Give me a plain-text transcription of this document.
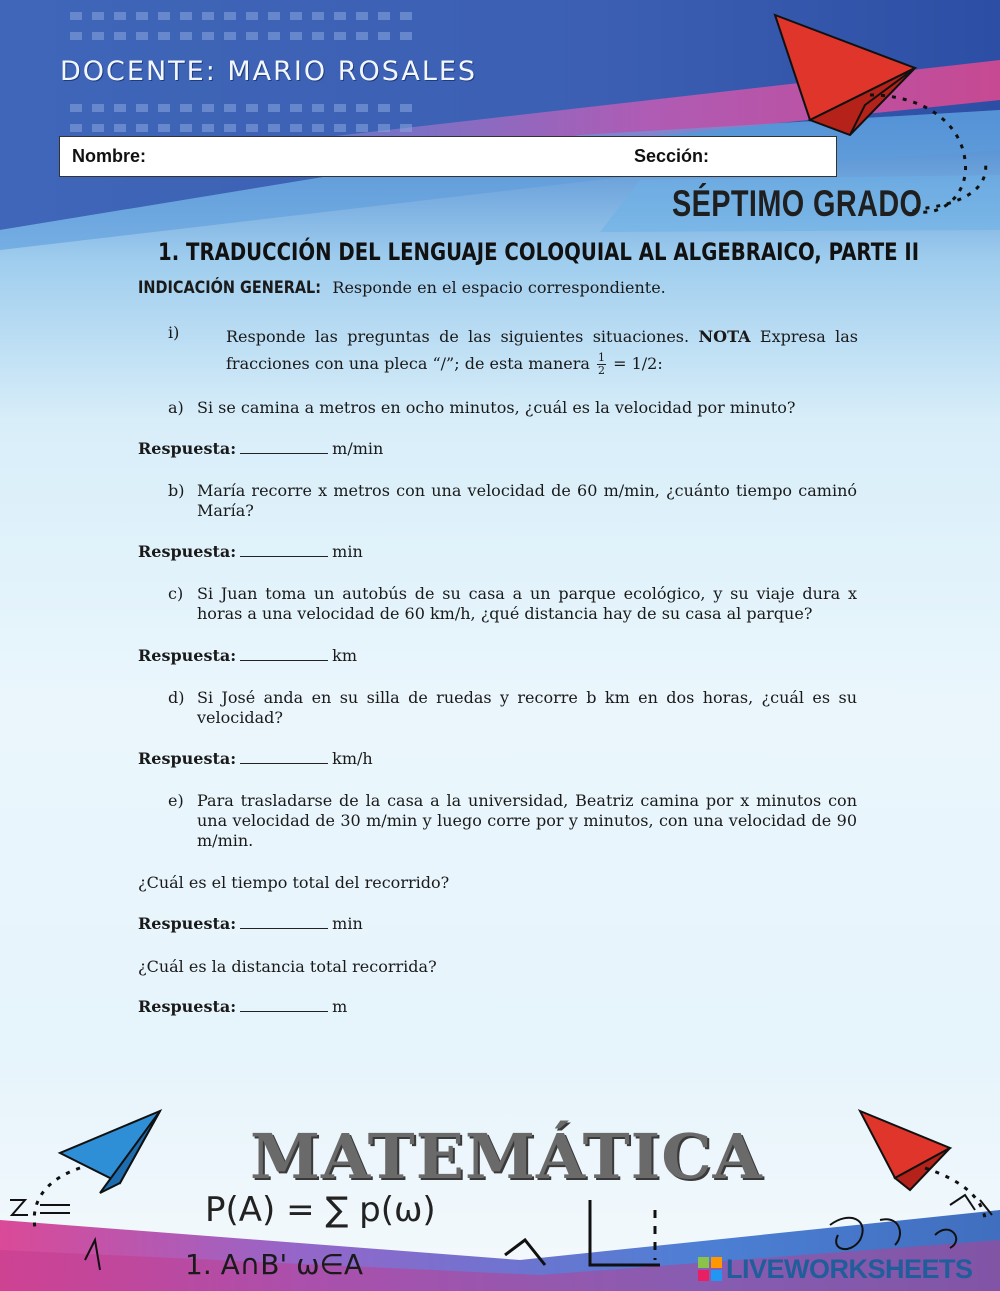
DOCENTE: MARIO ROSALES
Nombre:	Sección:
SÉPTIMO GRADO
1. TRADUCCIÓN DEL LENGUAJE COLOQUIAL AL ALGEBRAICO, PARTE II
INDICACIÓN GENERAL: Responde en el espacio correspondiente.
i)	Responde las preguntas de las siguientes situaciones. NOTA Expresa las fracciones con una pleca “/”; de esta manera $\frac{1}{2} = 1/2$:
a) Si se camina a metros en ocho minutos, ¿cuál es la velocidad por minuto?
Respuesta:	m/min
b) María recorre x metros con una velocidad de 60 m/min, ¿cuánto tiempo caminó María?
Respuesta:	min
c) Si Juan toma un autobús de su casa a un parque ecológico, y su viaje dura x horas a una velocidad de 60 km/h, ¿qué distancia hay de su casa al parque?
Respuesta:	km
d) Si José anda en su silla de ruedas y recorre b km en dos horas, ¿cuál es su velocidad?
Respuesta:	km/h
e) Para trasladarse de la casa a la universidad, Beatriz camina por x minutos con una velocidad de 30 m/min y luego corre por y minutos, con una velocidad de 90 m/min.
¿Cuál es el tiempo total del recorrido?
Respuesta:	min
¿Cuál es la distancia total recorrida?
Respuesta:	m
MATEMÁTICA
P(A) = ∑ p(ω)
1. A∩B' ω∈A	LIVEWORKSHEETS
